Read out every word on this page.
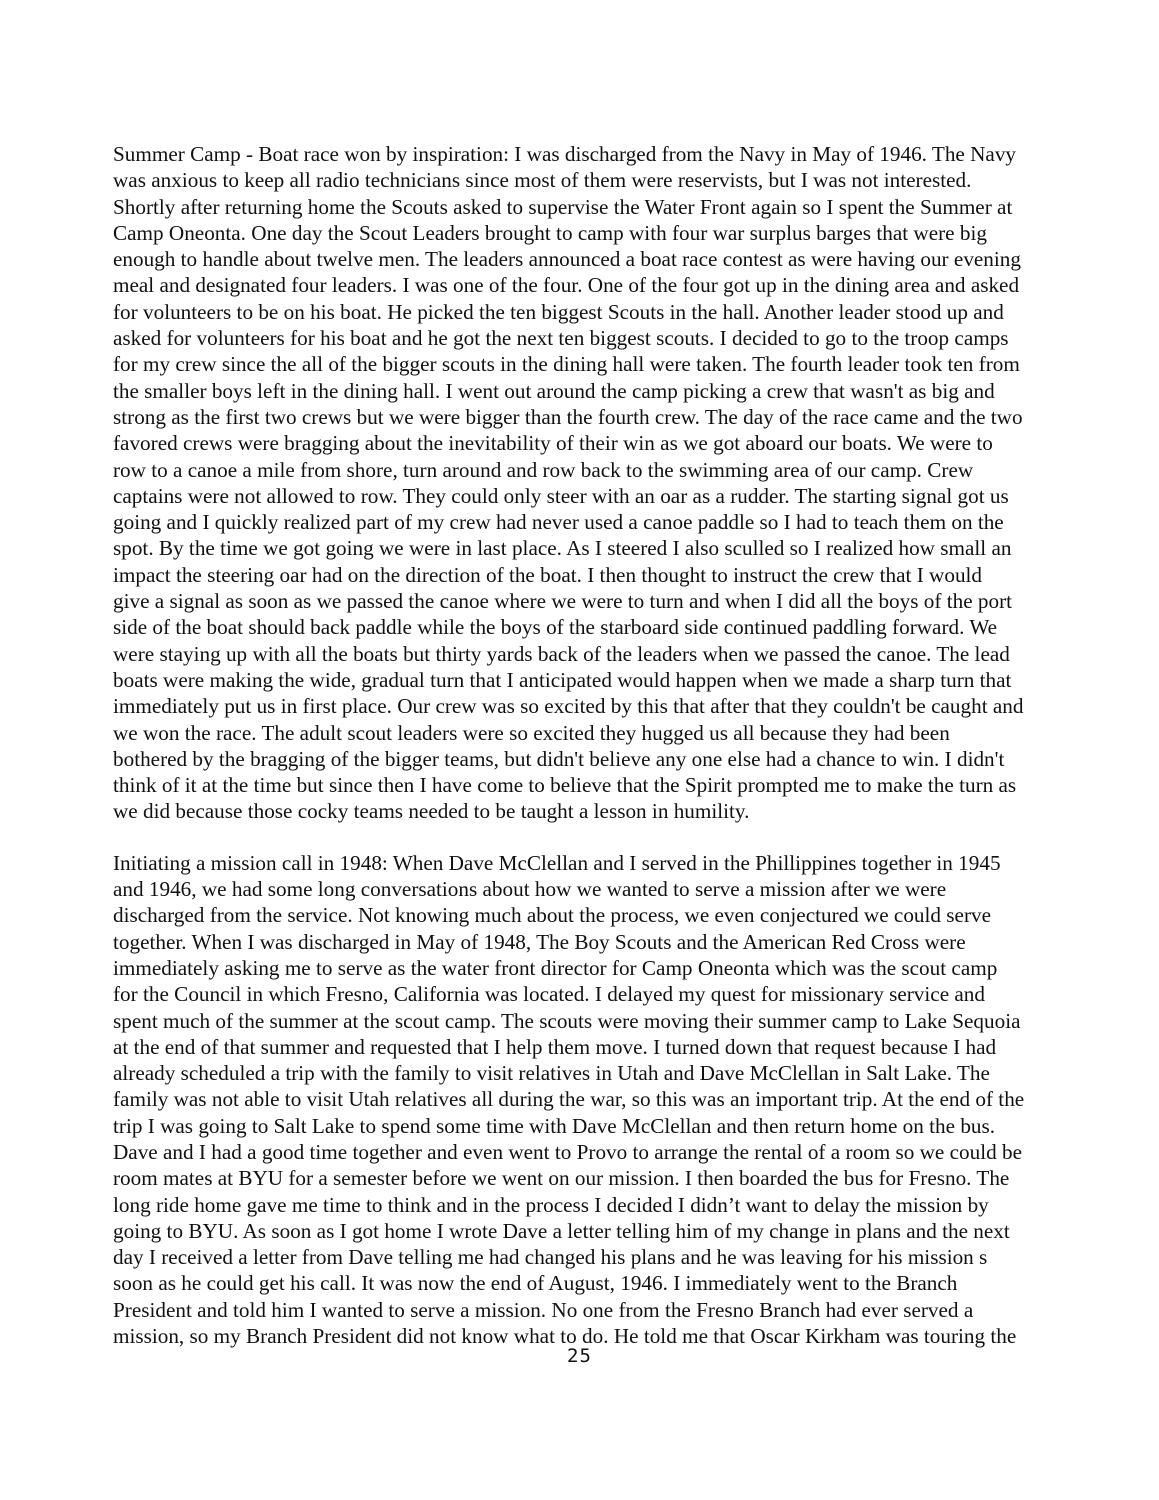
Summer Camp - Boat race won by inspiration: I was discharged from the Navy in May of 1946. The Navy
was anxious to keep all radio technicians since most of them were reservists, but I was not interested.
Shortly after returning home the Scouts asked to supervise the Water Front again so I spent the Summer at
Camp Oneonta. One day the Scout Leaders brought to camp with four war surplus barges that were big
enough to handle about twelve men. The leaders announced a boat race contest as were having our evening
meal and designated four leaders. I was one of the four. One of the four got up in the dining area and asked
for volunteers to be on his boat. He picked the ten biggest Scouts in the hall. Another leader stood up and
asked for volunteers for his boat and he got the next ten biggest scouts. I decided to go to the troop camps
for my crew since the all of the bigger scouts in the dining hall were taken. The fourth leader took ten from
the smaller boys left in the dining hall. I went out around the camp picking a crew that wasn't as big and
strong as the first two crews but we were bigger than the fourth crew. The day of the race came and the two
favored crews were bragging about the inevitability of their win as we got aboard our boats. We were to
row to a canoe a mile from shore, turn around and row back to the swimming area of our camp. Crew
captains were not allowed to row. They could only steer with an oar as a rudder. The starting signal got us
going and I quickly realized part of my crew had never used a canoe paddle so I had to teach them on the
spot. By the time we got going we were in last place. As I steered I also sculled so I realized how small an
impact the steering oar had on the direction of the boat. I then thought to instruct the crew that I would
give a signal as soon as we passed the canoe where we were to turn and when I did all the boys of the port
side of the boat should back paddle while the boys of the starboard side continued paddling forward. We
were staying up with all the boats but thirty yards back of the leaders when we passed the canoe. The lead
boats were making the wide, gradual turn that I anticipated would happen when we made a sharp turn that
immediately put us in first place. Our crew was so excited by this that after that they couldn't be caught and
we won the race. The adult scout leaders were so excited they hugged us all because they had been
bothered by the bragging of the bigger teams, but didn't believe any one else had a chance to win. I didn't
think of it at the time but since then I have come to believe that the Spirit prompted me to make the turn as
we did because those cocky teams needed to be taught a lesson in humility.

Initiating a mission call in 1948: When Dave McClellan and I served in the Phillippines together in 1945
and 1946, we had some long conversations about how we wanted to serve a mission after we were
discharged from the service. Not knowing much about the process, we even conjectured we could serve
together. When I was discharged in May of 1948, The Boy Scouts and the American Red Cross were
immediately asking me to serve as the water front director for Camp Oneonta which was the scout camp
for the Council in which Fresno, California was located. I delayed my quest for missionary service and
spent much of the summer at the scout camp. The scouts were moving their summer camp to Lake Sequoia
at the end of that summer and requested that I help them move. I turned down that request because I had
already scheduled a trip with the family to visit relatives in Utah and Dave McClellan in Salt Lake. The
family was not able to visit Utah relatives all during the war, so this was an important trip. At the end of the
trip I was going to Salt Lake to spend some time with Dave McClellan and then return home on the bus.
Dave and I had a good time together and even went to Provo to arrange the rental of a room so we could be
room mates at BYU for a semester before we went on our mission. I then boarded the bus for Fresno. The
long ride home gave me time to think and in the process I decided I didn’t want to delay the mission by
going to BYU. As soon as I got home I wrote Dave a letter telling him of my change in plans and the next
day I received a letter from Dave telling me had changed his plans and he was leaving for his mission s
soon as he could get his call. It was now the end of August, 1946. I immediately went to the Branch
President and told him I wanted to serve a mission. No one from the Fresno Branch had ever served a
mission, so my Branch President did not know what to do. He told me that Oscar Kirkham was touring the

25
